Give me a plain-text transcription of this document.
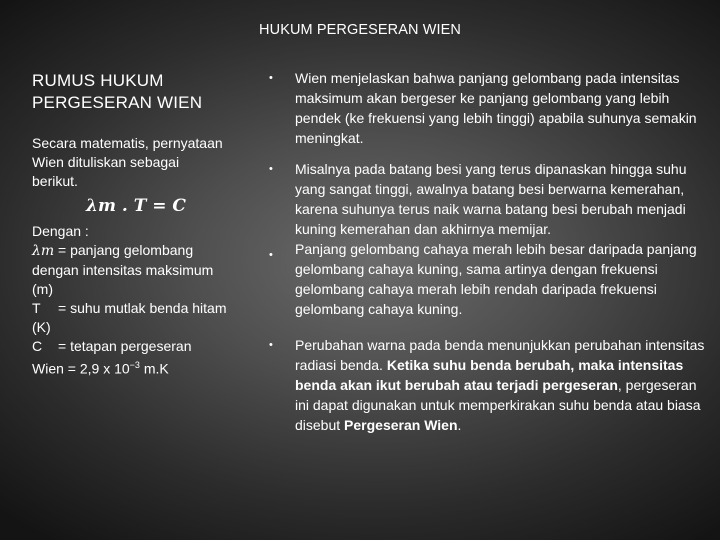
HUKUM PERGESERAN WIEN
RUMUS HUKUM
PERGESERAN WIEN
Secara matematis, pernyataan
Wien dituliskan sebagai
berikut.
λm . T = C
Dengan :
λm = panjang gelombang
dengan intensitas maksimum
(m)
T = suhu mutlak benda hitam
(K)
C = tetapan pergeseran
Wien = 2,9 x $10^{-3}$ m.K
• Wien menjelaskan bahwa panjang gelombang pada intensitas maksimum akan bergeser ke panjang gelombang yang lebih pendek (ke frekuensi yang lebih tinggi) apabila suhunya semakin meningkat.
• Misalnya pada batang besi yang terus dipanaskan hingga suhu yang sangat tinggi, awalnya batang besi berwarna kemerahan, karena suhunya terus naik warna batang besi berubah menjadi kuning kemerahan dan akhirnya memijar.
• Panjang gelombang cahaya merah lebih besar daripada panjang gelombang cahaya kuning, sama artinya dengan frekuensi gelombang cahaya merah lebih rendah daripada frekuensi gelombang cahaya kuning.
• Perubahan warna pada benda menunjukkan perubahan intensitas radiasi benda. Ketika suhu benda berubah, maka intensitas benda akan ikut berubah atau terjadi pergeseran, pergeseran ini dapat digunakan untuk memperkirakan suhu benda atau biasa disebut Pergeseran Wien.
